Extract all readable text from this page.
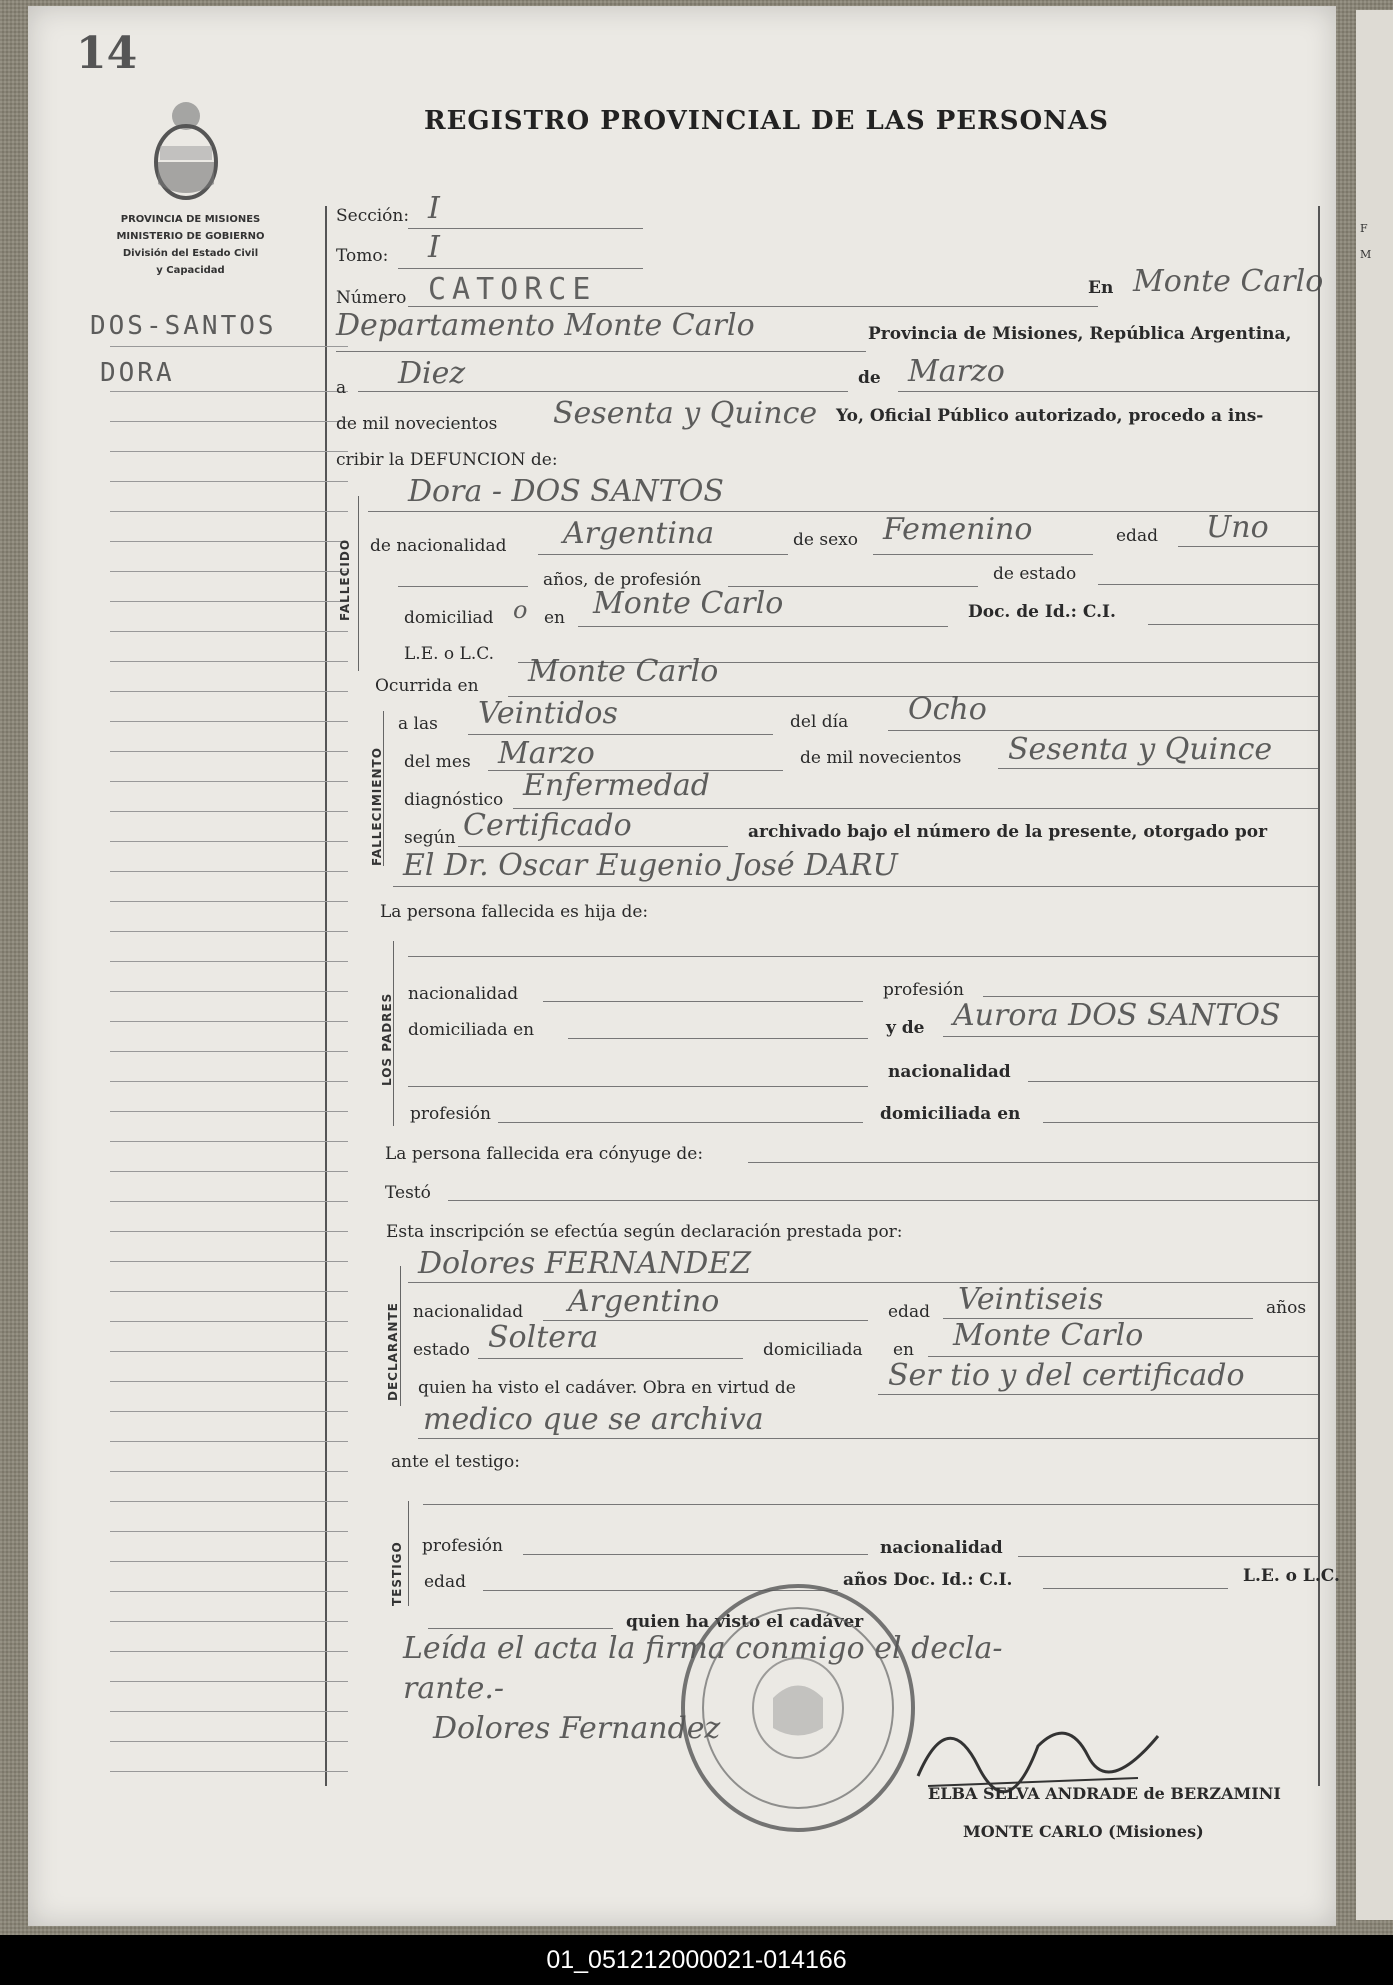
F
M
14
PROVINCIA DE MISIONES
MINISTERIO DE GOBIERNO
División del Estado Civil
y Capacidad
REGISTRO PROVINCIAL DE LAS PERSONAS
DOS-SANTOS
DORA
Sección: I
Tomo: I
Número CATORCE	En Monte Carlo
Departamento Monte Carlo	Provincia de Misiones, República Argentina,
a Diez	de Marzo
de mil novecientos Sesenta y Quince Yo, Oficial Público autorizado, procedo a ins-
cribir la DEFUNCION de:
FALLECIDO
Dora - DOS SANTOS
de nacionalidad Argentina	de sexo Femenino	edad Uno
años, de profesión	de estado
domiciliad o en Monte Carlo	Doc. de Id.: C.I.
L.E. o L.C.
Ocurrida en Monte Carlo
FALLECIMIENTO
a las Veintidos	del día Ocho
del mes Marzo	de mil novecientos Sesenta y Quince
diagnóstico Enfermedad
según Certificado	archivado bajo el número de la presente, otorgado por
El Dr. Oscar Eugenio José DARU
La persona fallecida es hija de:
LOS PADRES nacionalidad	profesión
domiciliada en	y de Aurora DOS SANTOS
nacionalidad
profesión	domiciliada en
La persona fallecida era cónyuge de:
Testó
Esta inscripción se efectúa según declaración prestada por:
DECLARANTE
Dolores FERNANDEZ
nacionalidad Argentino	edad Veintiseis	años
estado Soltera	domiciliada en Monte Carlo
quien ha visto el cadáver. Obra en virtud de	Ser tio y del certificado
medico que se archiva
ante el testigo:
TESTIGO profesión	nacionalidad
edad	años Doc. Id.: C.I.	L.E. o L.C.
quien ha visto el cadáver
Leída el acta la firma conmigo el decla-
rante.-
Dolores Fernandez
ELBA SELVA ANDRADE de BERZAMINI
MONTE CARLO (Misiones)
01_051212000021-014166
